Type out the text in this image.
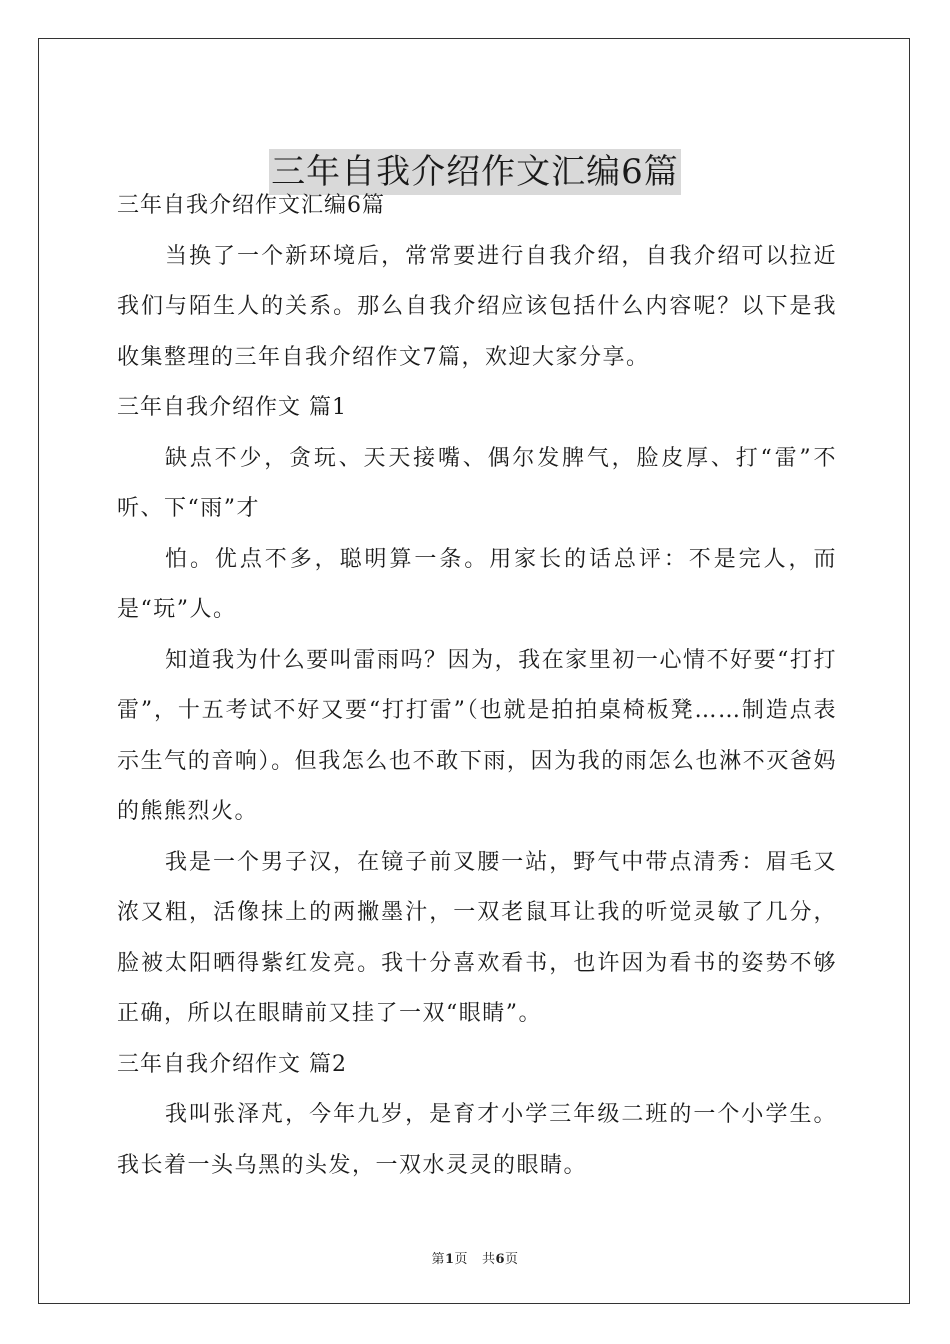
三年自我介绍作文汇编6篇

三年自我介绍作文汇编6篇

当换了一个新环境后，常常要进行自我介绍，自我介绍可以拉近我们与陌生人的关系。那么自我介绍应该包括什么内容呢？以下是我收集整理的三年自我介绍作文7篇，欢迎大家分享。

三年自我介绍作文 篇1

缺点不少，贪玩、天天接嘴、偶尔发脾气，脸皮厚、打“雷”不听、下“雨”才

怕。优点不多，聪明算一条。用家长的话总评：不是完人，而是“玩”人。

知道我为什么要叫雷雨吗？因为，我在家里初一心情不好要“打打雷”，十五考试不好又要“打打雷”（也就是拍拍桌椅板凳……制造点表示生气的音响）。但我怎么也不敢下雨，因为我的雨怎么也淋不灭爸妈的熊熊烈火。

我是一个男子汉，在镜子前叉腰一站，野气中带点清秀：眉毛又浓又粗，活像抹上的两撇墨汁，一双老鼠耳让我的听觉灵敏了几分，脸被太阳晒得紫红发亮。我十分喜欢看书，也许因为看书的姿势不够正确，所以在眼睛前又挂了一双“眼睛”。

三年自我介绍作文 篇2

我叫张泽芃，今年九岁，是育才小学三年级二班的一个小学生。我长着一头乌黑的头发，一双水灵灵的眼睛。

第1页 共6页
